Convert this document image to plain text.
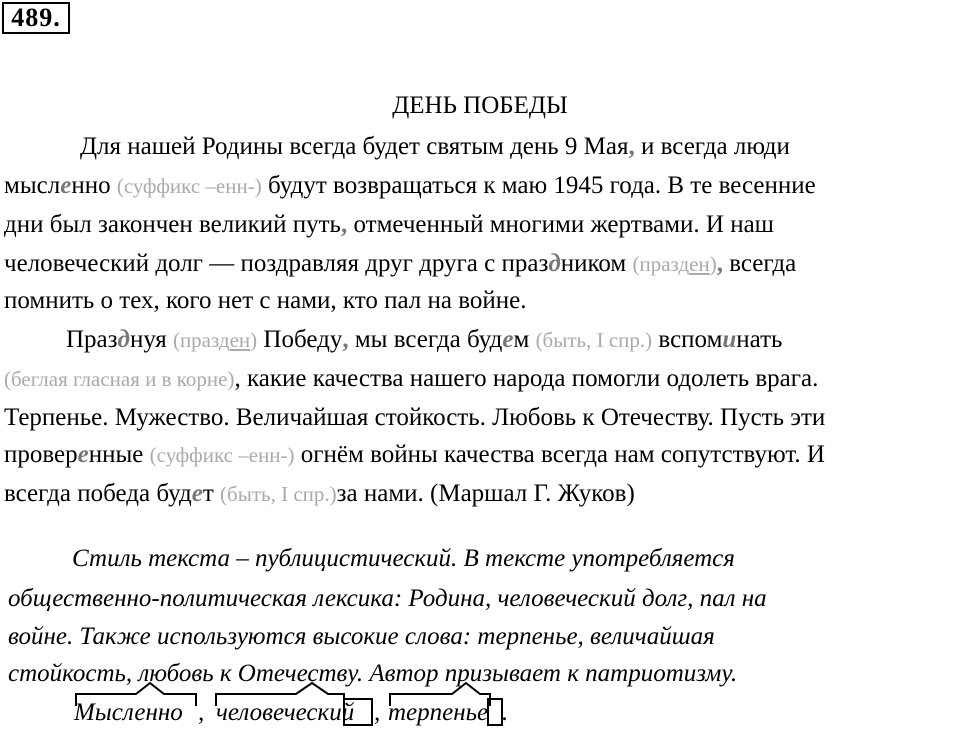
489.
ДЕНЬ ПОБЕДЫ
Для нашей Родины всегда будет святым день 9 Мая, и всегда люди
мысленно (суффикс –енн-) будут возвращаться к маю 1945 года. В те весенние
дни был закончен великий путь, отмеченный многими жертвами. И наш
человеческий долг — поздравляя друг друга с праздником (празден), всегда
помнить о тех, кого нет с нами, кто пал на войне.
Празднуя (празден) Победу, мы всегда будем (быть, I спр.) вспоминать
(беглая гласная и в корне), какие качества нашего народа помогли одолеть врага.
Терпенье. Мужество. Величайшая стойкость. Любовь к Отечеству. Пусть эти
проверенные (суффикс –енн-) огнём войны качества всегда нам сопутствуют. И
всегда победа будет (быть, I спр.)за нами. (Маршал Г. Жуков)
Стиль текста – публицистический. В тексте употребляется
общественно-политическая лексика: Родина, человеческий долг, пал на
войне. Также используются высокие слова: терпенье, величайшая
стойкость, любовь к Отечеству. Автор призывает к патриотизму.
Мысленно , человеческий , терпенье .
